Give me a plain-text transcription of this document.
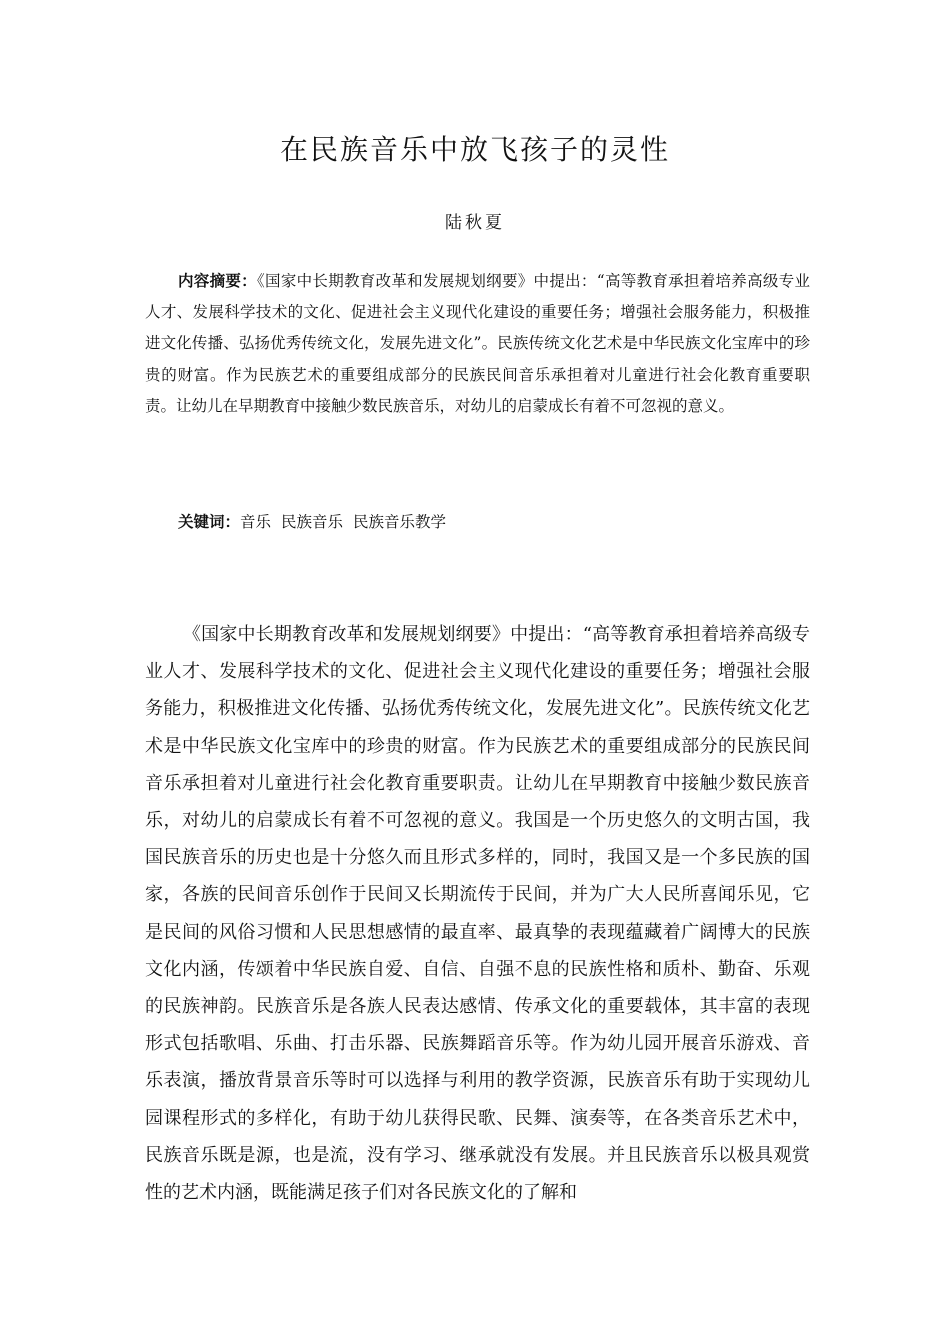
在民族音乐中放飞孩子的灵性
陆秋夏

内容摘要：《国家中长期教育改革和发展规划纲要》中提出：“高等教育承担着培养高级专业人才、发展科学技术的文化、促进社会主义现代化建设的重要任务；增强社会服务能力，积极推进文化传播、弘扬优秀传统文化，发展先进文化”。民族传统文化艺术是中华民族文化宝库中的珍贵的财富。作为民族艺术的重要组成部分的民族民间音乐承担着对儿童进行社会化教育重要职责。让幼儿在早期教育中接触少数民族音乐，对幼儿的启蒙成长有着不可忽视的意义。

关键词：音乐 民族音乐 民族音乐教学

《国家中长期教育改革和发展规划纲要》中提出：“高等教育承担着培养高级专业人才、发展科学技术的文化、促进社会主义现代化建设的重要任务；增强社会服务能力，积极推进文化传播、弘扬优秀传统文化，发展先进文化”。民族传统文化艺术是中华民族文化宝库中的珍贵的财富。作为民族艺术的重要组成部分的民族民间音乐承担着对儿童进行社会化教育重要职责。让幼儿在早期教育中接触少数民族音乐，对幼儿的启蒙成长有着不可忽视的意义。我国是一个历史悠久的文明古国，我国民族音乐的历史也是十分悠久而且形式多样的，同时，我国又是一个多民族的国家，各族的民间音乐创作于民间又长期流传于民间，并为广大人民所喜闻乐见，它是民间的风俗习惯和人民思想感情的最直率、最真挚的表现蕴藏着广阔博大的民族文化内涵，传颂着中华民族自爱、自信、自强不息的民族性格和质朴、勤奋、乐观的民族神韵。民族音乐是各族人民表达感情、传承文化的重要载体，其丰富的表现形式包括歌唱、乐曲、打击乐器、民族舞蹈音乐等。作为幼儿园开展音乐游戏、音乐表演，播放背景音乐等时可以选择与利用的教学资源，民族音乐有助于实现幼儿园课程形式的多样化，有助于幼儿获得民歌、民舞、演奏等，在各类音乐艺术中，民族音乐既是源，也是流，没有学习、继承就没有发展。并且民族音乐以极具观赏性的艺术内涵，既能满足孩子们对各民族文化的了解和
